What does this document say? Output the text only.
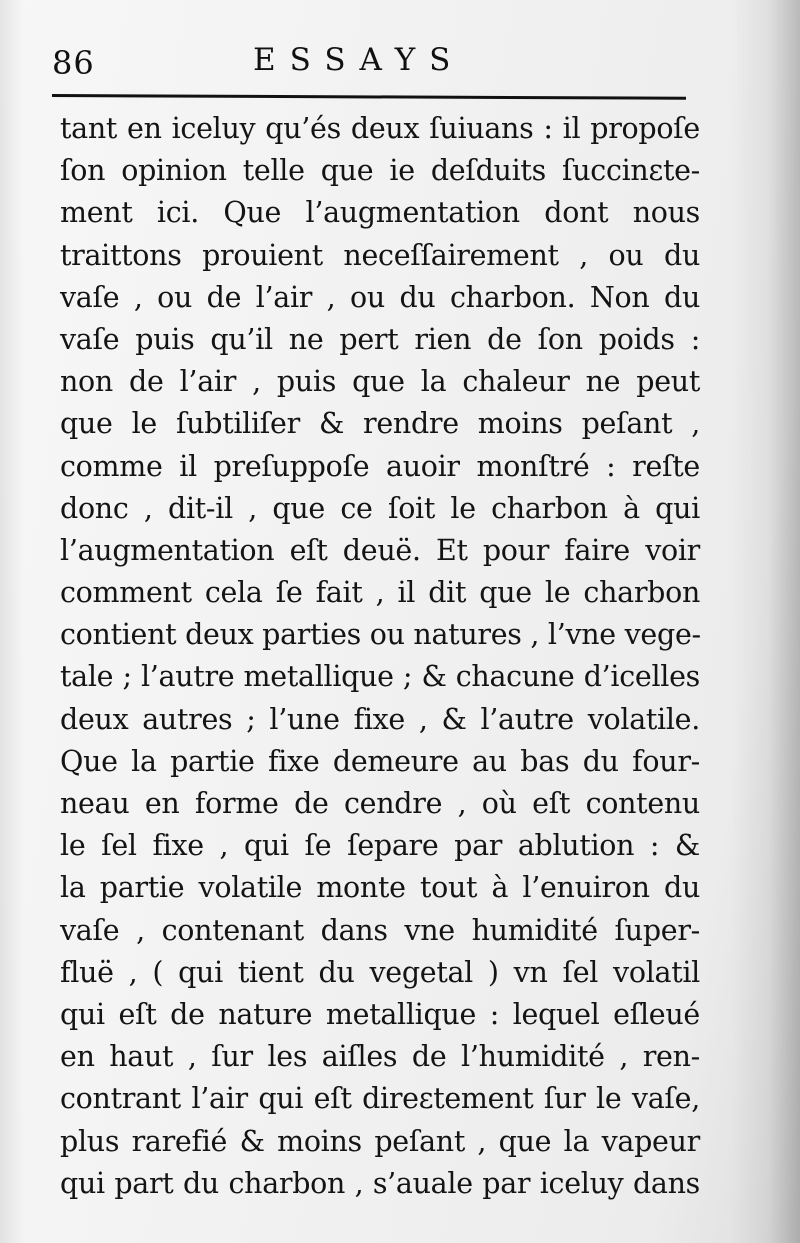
86	ESSAYS
tant en iceluy qu’és deux ſuiuans : il propoſe
ſon opinion telle que ie deſduits ſuccinɛte-
ment ici. Que l’augmentation dont nous
traittons prouient neceſſairement , ou du
vaſe , ou de l’air , ou du charbon. Non du
vaſe puis qu’il ne pert rien de ſon poids :
non de l’air , puis que la chaleur ne peut
que le ſubtiliſer & rendre moins peſant ,
comme il preſuppoſe auoir monſtré : reſte
donc , dit-il , que ce ſoit le charbon à qui
l’augmentation eſt deuë. Et pour faire voir
comment cela ſe fait , il dit que le charbon
contient deux parties ou natures , l’vne vege-
tale ; l’autre metallique ; & chacune d’icelles
deux autres ; l’une fixe , & l’autre volatile.
Que la partie fixe demeure au bas du four-
neau en forme de cendre , où eſt contenu
le ſel fixe , qui ſe ſepare par ablution : &
la partie volatile monte tout à l’enuiron du
vaſe , contenant dans vne humidité ſuper-
fluë , ( qui tient du vegetal ) vn ſel volatil
qui eſt de nature metallique : lequel eſleué
en haut , ſur les aiſles de l’humidité , ren-
contrant l’air qui eſt direɛtement ſur le vaſe,
plus rarefié & moins peſant , que la vapeur
qui part du charbon , s’auale par iceluy dans
